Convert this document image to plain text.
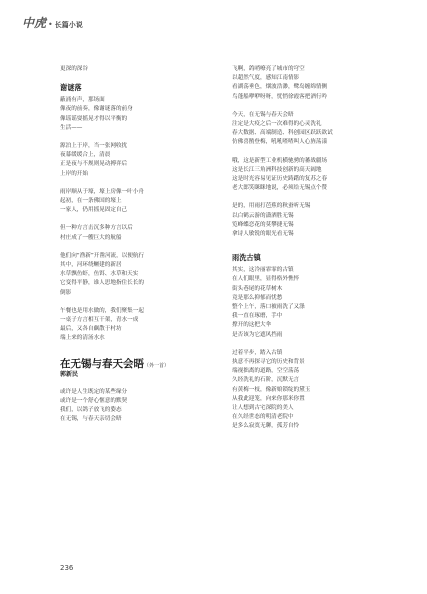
中虎 • 长篇小说
更深的深谷
谢谜落
蔽涌有声，那场面
像夜的前奏，像谢谜落的前身
像谣谣耍摇晃才得以平衡的
生活——
源泊上于岸，当一张网收扰
夜幕缓缓合上，清晨
正是夜与不规则晃动搏弈后
上岸的开始
雨岸顺从于壕，壕上房像一叶小舟
起初，在一条佛国的壕上
一家人，仍用摇晃固定自己
但一种方言击沉多种方言以后
村庄成了一艘巨大的航船
他们向“渔新”开凿河流，以便航行
其中，河环绕鳜建的新居
水草飘鱼虾，鱼饵、水草和天实
它变得平静，谁人思地指住长长的
倒影
午餐也是用水做的，我们聚集一起
一桌子方言相互干架，青水一成
最后，又各自飙散于村坊
端上来的清汤水水
在无锡与春天会晤（外一首）
郭新民
或许是人生既定的某些缘分
或许是一个舒心惬意的默契
我们，以鸽子放飞的姿态
在无锡，与春天亲切会晤
飞啊，鸽哨嘹亮了城市的穹空
以超然气度，感知江南情影
看湖荡垂色，烟波浩渺，鹭岛缠绵情侧
鸟蓬船咿咿呀呀，忧悄徐霞客把酒行吟
今天，在无锡与春天会晤
注定是大疫之后一次难得的心灵洗礼
春大数据、高端制造、科创园区跃跃欲试
仿佛喜鹊登梅，吼吼喳喳叫人心旌荡漾
哦，这是新型工业机横驰骋的蕃战疆场
这是长江三角洲科技创新的高天阔地
这是时光容易见证历史踌躇的复苏之春
老大郎笑眯眯地说，必须给无锡点个赞
是的，用雨打芭蕉的秋蚕听无锡
以白鹤云游的潇洒胜无锡
览峰蝶恋花的莫攀捷无锡
拿诗人敏锐的眼光看无锡
雨洗古镇
其实，这冷丽霏霏的古镇
在人们眼里，显得格外憔悴
街头巷尾的花草树木
竟是那么抑郁而忧愁
整个上午，落口被雨洗了又涤
我一直在琢磨，手中
撑开的这把大伞
是否该为它遮风挡雨
过着平步，踏入古镇
执意不再探寻它的历史和背景
端视拙离的道路，空空荡荡
久经洗礼的石阶，沉默无言
有黄梅一枝，像新娘锁绽的黛玉
从我此迎笼，向来你那米你置
让人想到古宅深院的美人
在久经世态的明清老院中
是多么寂寞无聊，孤芳自怜
236
